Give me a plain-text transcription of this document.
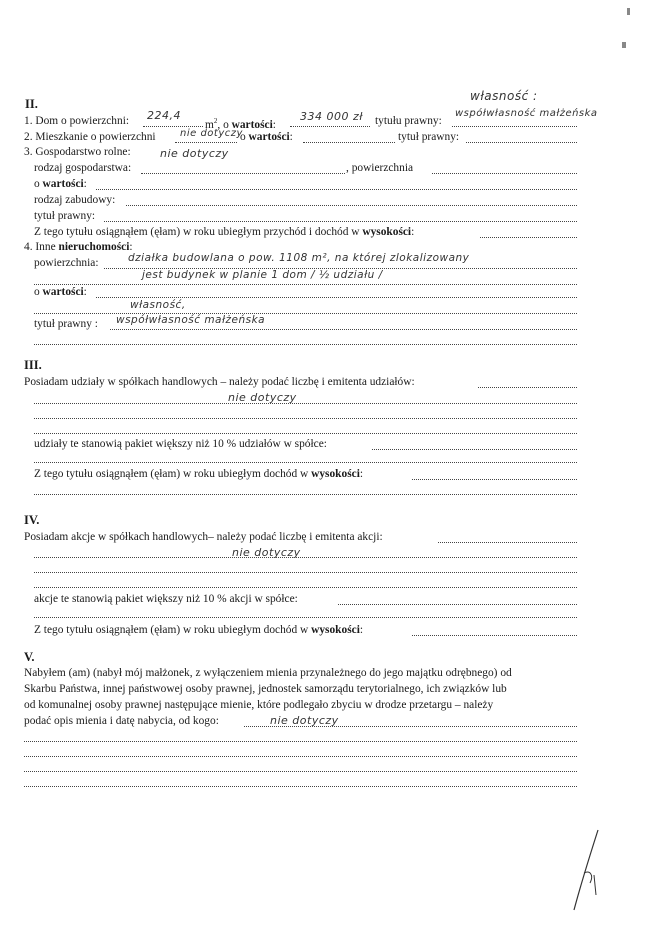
własność :
II.
1. Dom o powierzchni: 224,4
$m^2$, o wartości:
334 000 zł tytułu prawny:
współwłasność małżeńska
2. Mieszkanie o powierzchni nie dotyczy
o wartości:	tytuł prawny:
3. Gospodarstwo rolne:	nie dotyczy
rodzaj gospodarstwa:	, powierzchnia
o wartości:
rodzaj zabudowy:
tytuł prawny:
Z tego tytułu osiągnąłem (ęłam) w roku ubiegłym przychód i dochód w wysokości:
4. Inne nieruchomości:
powierzchnia:	działka budowlana o pow. 1108 m², na której zlokalizowany
jest budynek w planie 1 dom / ½ udziału /
o wartości:
własność,
tytuł prawny : współwłasność małżeńska
III.
Posiadam udziały w spółkach handlowych – należy podać liczbę i emitenta udziałów:
nie dotyczy
udziały te stanowią pakiet większy niż 10 % udziałów w spółce:
Z tego tytułu osiągnąłem (ęłam) w roku ubiegłym dochód w wysokości:
IV.
Posiadam akcje w spółkach handlowych– należy podać liczbę i emitenta akcji:
nie dotyczy
akcje te stanowią pakiet większy niż 10 % akcji w spółce:
Z tego tytułu osiągnąłem (ęłam) w roku ubiegłym dochód w wysokości:
V.
Nabyłem (am) (nabył mój małżonek, z wyłączeniem mienia przynależnego do jego majątku odrębnego) od
Skarbu Państwa, innej państwowej osoby prawnej, jednostek samorządu terytorialnego, ich związków lub
od komunalnej osoby prawnej następujące mienie, które podlegało zbyciu w drodze przetargu – należy
podać opis mienia i datę nabycia, od kogo:	nie dotyczy
